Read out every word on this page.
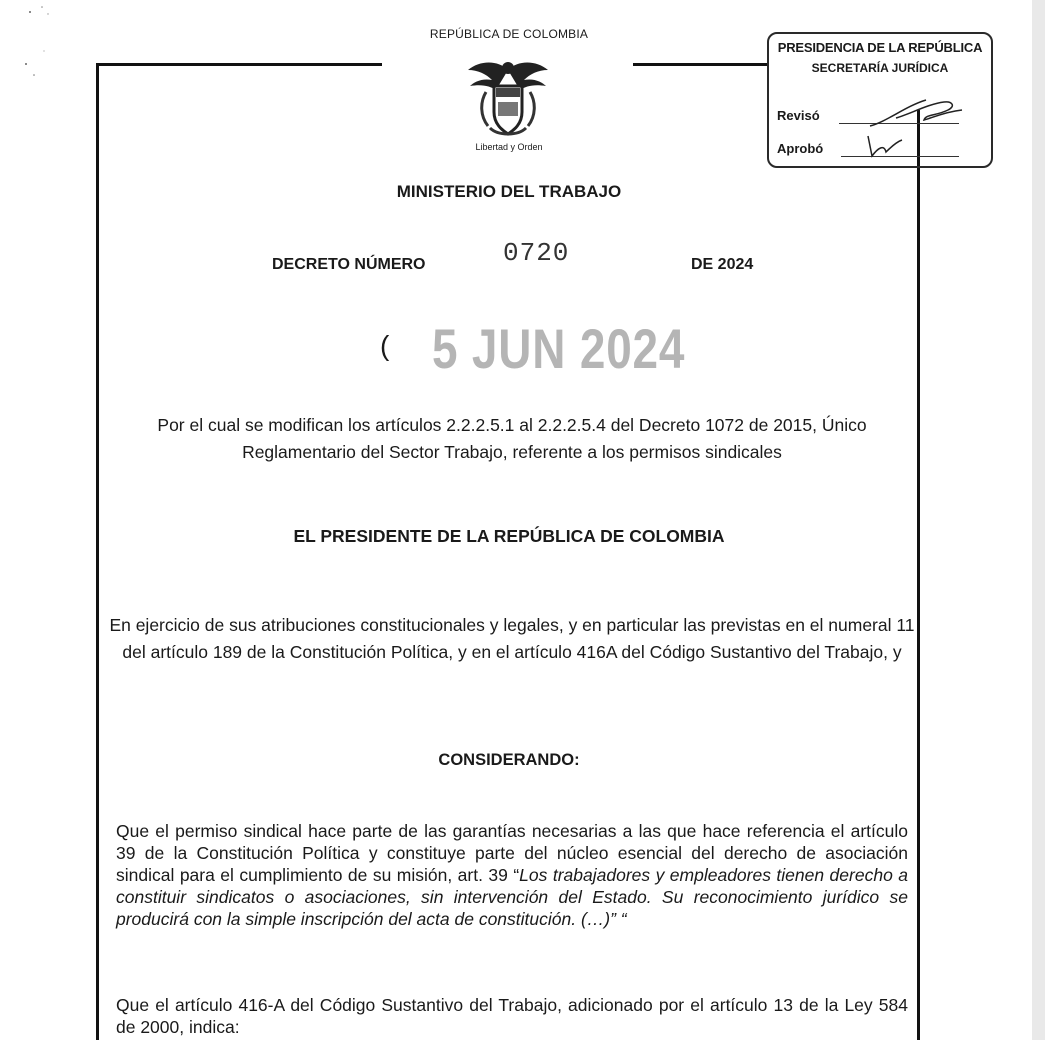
REPÚBLICA DE COLOMBIA
Libertad y Orden
PRESIDENCIA DE LA REPÚBLICA
SECRETARÍA JURÍDICA
Revisó
Aprobó
MINISTERIO DEL TRABAJO
DECRETO NÚMERO	0720	DE 2024
( 5 JUN 2024
Por el cual se modifican los artículos 2.2.2.5.1 al 2.2.2.5.4 del Decreto 1072 de 2015, Único Reglamentario del Sector Trabajo, referente a los permisos sindicales
EL PRESIDENTE DE LA REPÚBLICA DE COLOMBIA
En ejercicio de sus atribuciones constitucionales y legales, y en particular las previstas en el numeral 11 del artículo 189 de la Constitución Política, y en el artículo 416A del Código Sustantivo del Trabajo, y
CONSIDERANDO:
Que el permiso sindical hace parte de las garantías necesarias a las que hace referencia el artículo 39 de la Constitución Política y constituye parte del núcleo esencial del derecho de asociación sindical para el cumplimiento de su misión, art. 39 “Los trabajadores y empleadores tienen derecho a constituir sindicatos o asociaciones, sin intervención del Estado. Su reconocimiento jurídico se producirá con la simple inscripción del acta de constitución. (…)” “
Que el artículo 416-A del Código Sustantivo del Trabajo, adicionado por el artículo 13 de la Ley 584 de 2000, indica:
